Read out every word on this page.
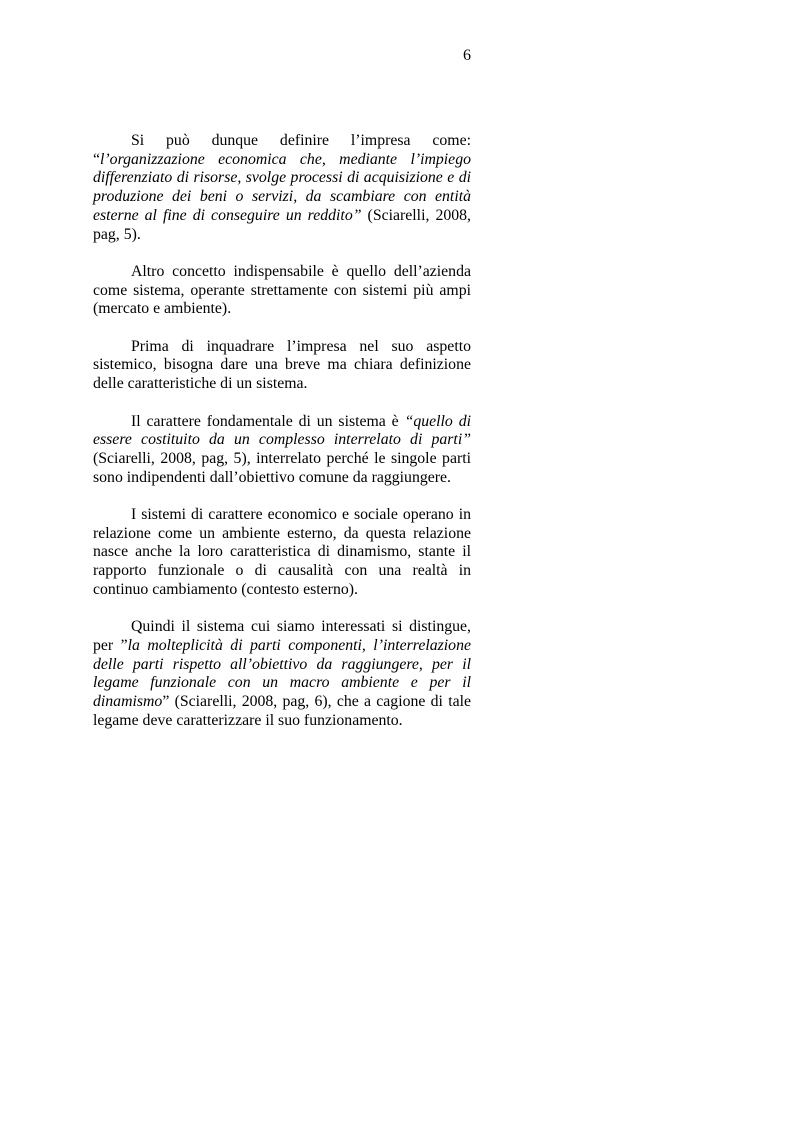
6

Si può dunque definire l’impresa come: “l’organizzazione economica che, mediante l’impiego differenziato di risorse, svolge processi di acquisizione e di produzione dei beni o servizi, da scambiare con entità esterne al fine di conseguire un reddito” (Sciarelli, 2008, pag, 5).

Altro concetto indispensabile è quello dell’azienda come sistema, operante strettamente con sistemi più ampi (mercato e ambiente).

Prima di inquadrare l’impresa nel suo aspetto sistemico, bisogna dare una breve ma chiara definizione delle caratteristiche di un sistema.

Il carattere fondamentale di un sistema è “quello di essere costituito da un complesso interrelato di parti” (Sciarelli, 2008, pag, 5), interrelato perché le singole parti sono indipendenti dall’obiettivo comune da raggiungere.

I sistemi di carattere economico e sociale operano in relazione come un ambiente esterno, da questa relazione nasce anche la loro caratteristica di dinamismo, stante il rapporto funzionale o di causalità con una realtà in continuo cambiamento (contesto esterno).

Quindi il sistema cui siamo interessati si distingue, per ”la molteplicità di parti componenti, l’interrelazione delle parti rispetto all’obiettivo da raggiungere, per il legame funzionale con un macro ambiente e per il dinamismo” (Sciarelli, 2008, pag, 6), che a cagione di tale legame deve caratterizzare il suo funzionamento.
